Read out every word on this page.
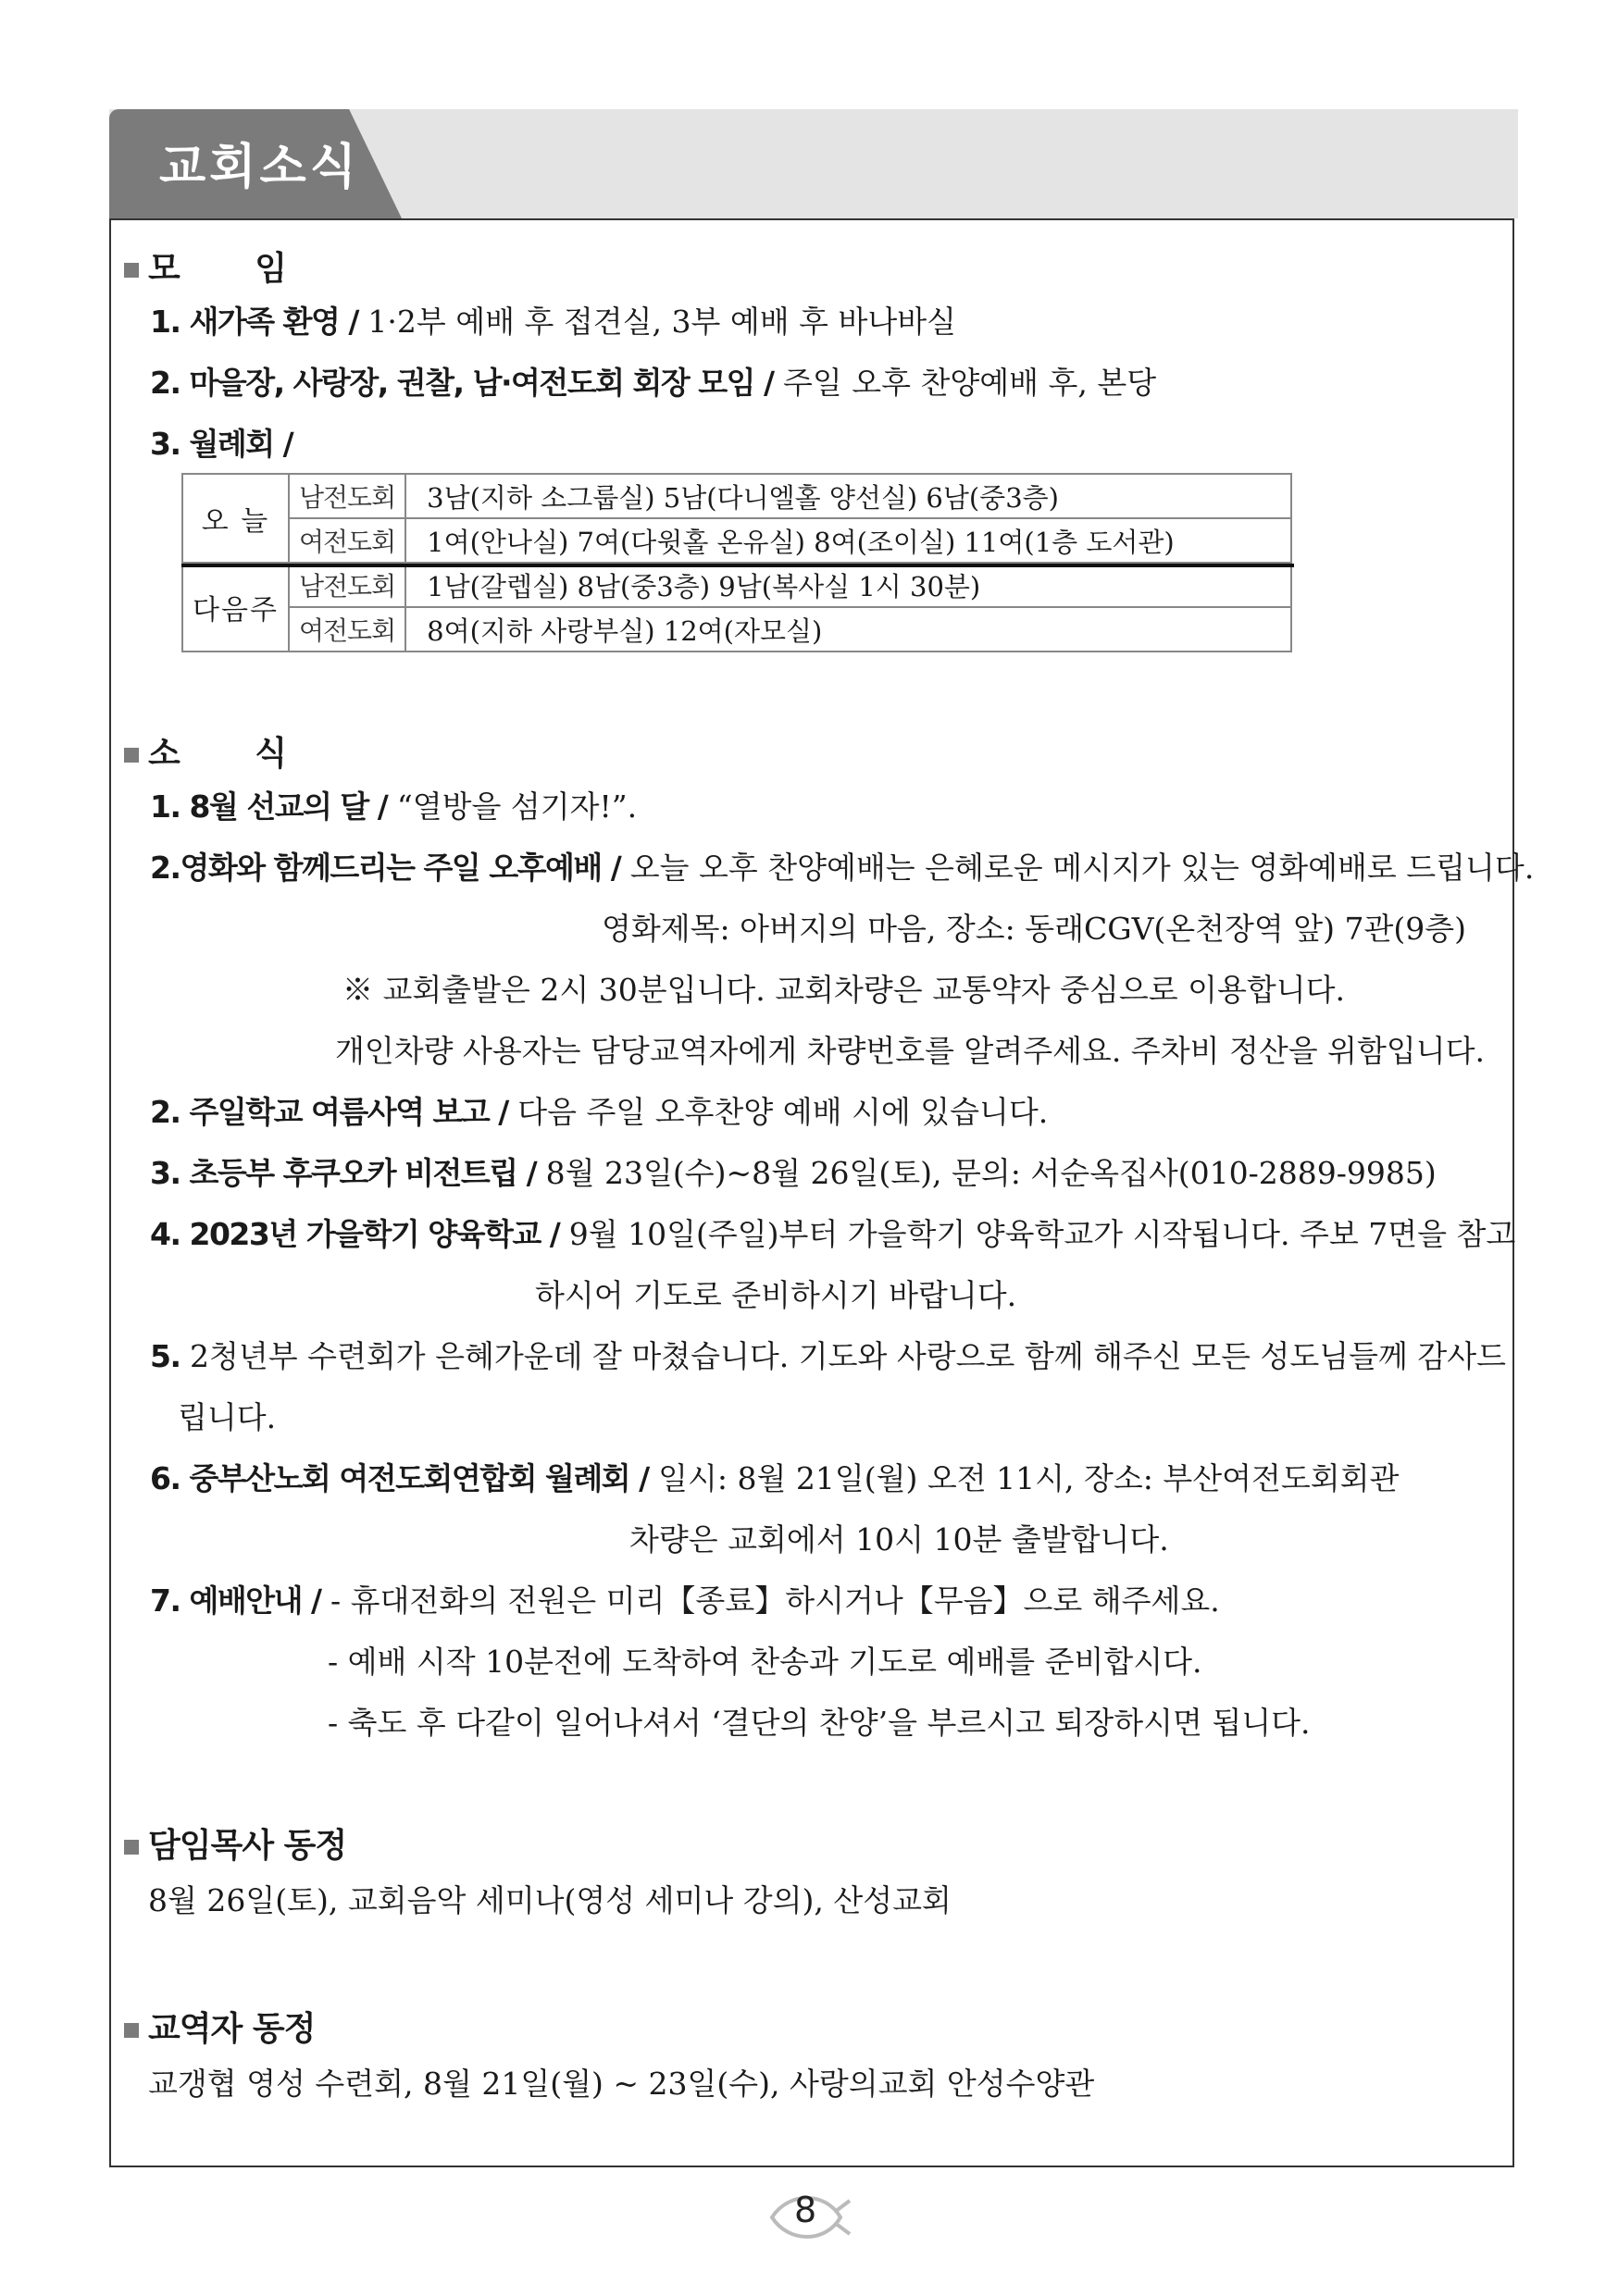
교회소식
모 임
1. 새가족 환영 / 1·2부 예배 후 접견실, 3부 예배 후 바나바실
2. 마을장, 사랑장, 권찰, 남·여전도회 회장 모임 / 주일 오후 찬양예배 후, 본당
3. 월례회 /
오 늘	남전도회	3남(지하 소그룹실) 5남(다니엘홀 양선실) 6남(중3층)
	여전도회	1여(안나실) 7여(다윗홀 온유실) 8여(조이실) 11여(1층 도서관)
다음주	남전도회	1남(갈렙실) 8남(중3층) 9남(복사실 1시 30분)
	여전도회	8여(지하 사랑부실) 12여(자모실)
소 식
1. 8월 선교의 달 / “열방을 섬기자!”.
2.영화와 함께드리는 주일 오후예배 / 오늘 오후 찬양예배는 은혜로운 메시지가 있는 영화예배로 드립니다.
영화제목: 아버지의 마음, 장소: 동래CGV(온천장역 앞) 7관(9층)
※ 교회출발은 2시 30분입니다. 교회차량은 교통약자 중심으로 이용합니다.
개인차량 사용자는 담당교역자에게 차량번호를 알려주세요. 주차비 정산을 위함입니다.
2. 주일학교 여름사역 보고 / 다음 주일 오후찬양 예배 시에 있습니다.
3. 초등부 후쿠오카 비전트립 / 8월 23일(수)~8월 26일(토), 문의: 서순옥집사(010-2889-9985)
4. 2023년 가을학기 양육학교 / 9월 10일(주일)부터 가을학기 양육학교가 시작됩니다. 주보 7면을 참고
하시어 기도로 준비하시기 바랍니다.
5. 2청년부 수련회가 은혜가운데 잘 마쳤습니다. 기도와 사랑으로 함께 해주신 모든 성도님들께 감사드
립니다.
6. 중부산노회 여전도회연합회 월례회 / 일시: 8월 21일(월) 오전 11시, 장소: 부산여전도회회관
차량은 교회에서 10시 10분 출발합니다.
7. 예배안내 / - 휴대전화의 전원은 미리【종료】하시거나【무음】으로 해주세요.
- 예배 시작 10분전에 도착하여 찬송과 기도로 예배를 준비합시다.
- 축도 후 다같이 일어나셔서 ‘결단의 찬양’을 부르시고 퇴장하시면 됩니다.
담임목사 동정
8월 26일(토), 교회음악 세미나(영성 세미나 강의), 산성교회
교역자 동정
교갱협 영성 수련회, 8월 21일(월) ~ 23일(수), 사랑의교회 안성수양관
8
